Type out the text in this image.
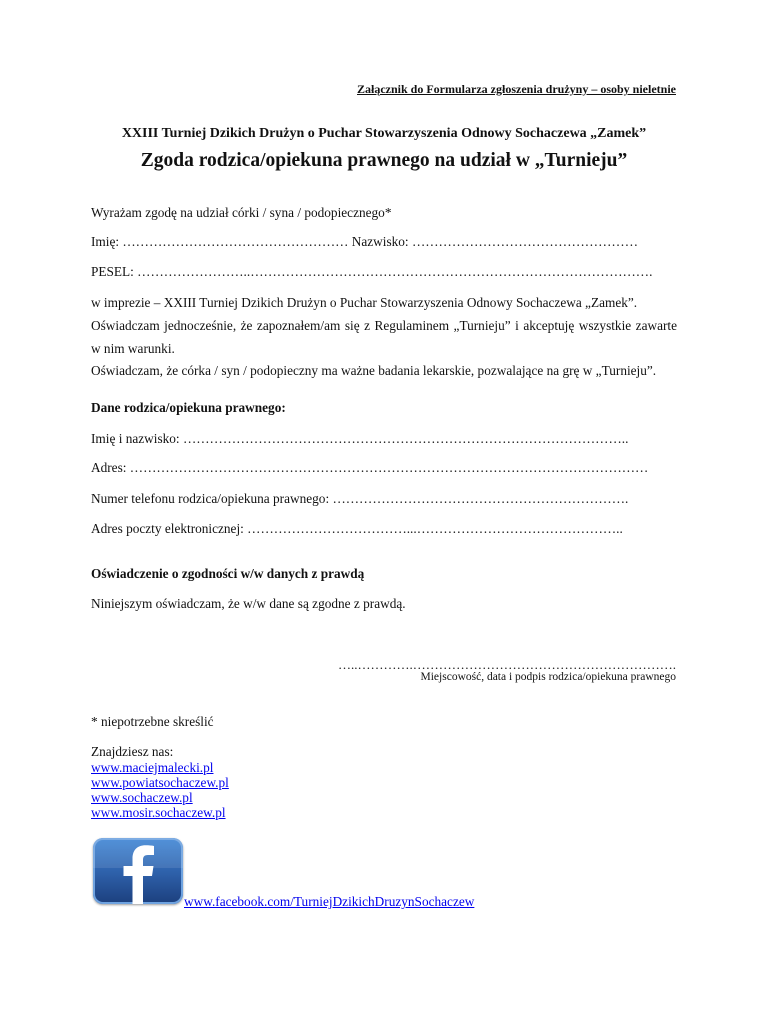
Załącznik do Formularza zgłoszenia drużyny – osoby nieletnie
XXIII Turniej Dzikich Drużyn o Puchar Stowarzyszenia Odnowy Sochaczewa „Zamek”
Zgoda rodzica/opiekuna prawnego na udział w „Turnieju”
Wyrażam zgodę na udział córki / syna / podopiecznego*
Imię: …………………………………………… Nazwisko: ……………………………………………
PESEL: ……………………..……………………………………………………………………………….
w imprezie – XXIII Turniej Dzikich Drużyn o Puchar Stowarzyszenia Odnowy Sochaczewa „Zamek”.
Oświadczam jednocześnie, że zapoznałem/am się z Regulaminem „Turnieju” i akceptuję wszystkie zawarte w nim warunki.
Oświadczam, że córka / syn / podopieczny ma ważne badania lekarskie, pozwalające na grę w „Turnieju”.
Dane rodzica/opiekuna prawnego:
Imię i nazwisko: ………………………………………………………………………………………..
Adres: ………………………………………………………………………………………………………
Numer telefonu rodzica/opiekuna prawnego: ………………………………………………………….
Adres poczty elektronicznej: ………………………………...………………………………………..
Oświadczenie o zgodności w/w danych z prawdą
Niniejszym oświadczam, że w/w dane są zgodne z prawdą.
…..………….…………………………………………………….
Miejscowość, data i podpis rodzica/opiekuna prawnego
* niepotrzebne skreślić
Znajdziesz nas:
www.maciejmalecki.pl
www.powiatsochaczew.pl
www.sochaczew.pl
www.mosir.sochaczew.pl
www.facebook.com/TurniejDzikichDruzynSochaczew
